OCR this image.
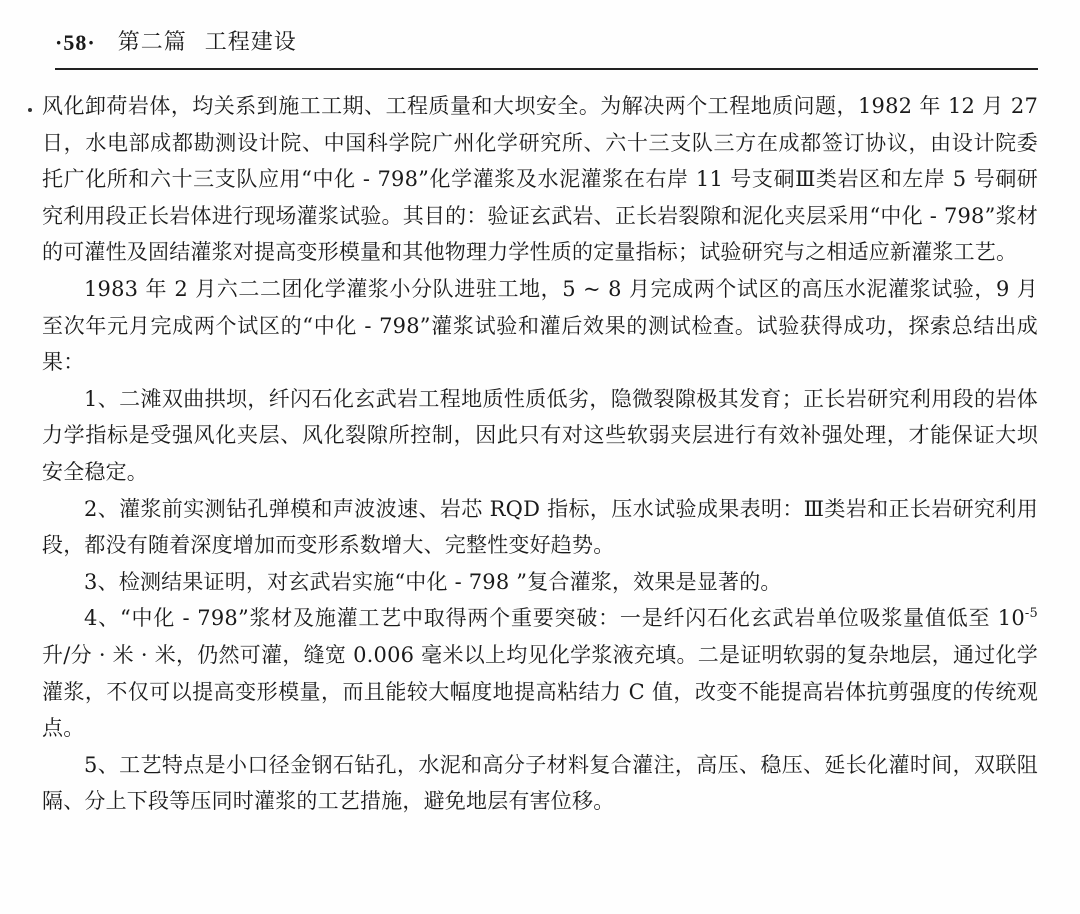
·58· 第二篇 工程建设

风化卸荷岩体，均关系到施工工期、工程质量和大坝安全。为解决两个工程地质问题，1982 年 12 月 27 日，水电部成都勘测设计院、中国科学院广州化学研究所、六十三支队三方在成都签订协议，由设计院委托广化所和六十三支队应用“中化 - 798”化学灌浆及水泥灌浆在右岸 11 号支硐Ⅲ类岩区和左岸 5 号硐研究利用段正长岩体进行现场灌浆试验。其目的：验证玄武岩、正长岩裂隙和泥化夹层采用“中化 - 798”浆材的可灌性及固结灌浆对提高变形模量和其他物理力学性质的定量指标；试验研究与之相适应新灌浆工艺。

1983 年 2 月六二二团化学灌浆小分队进驻工地，5 ~ 8 月完成两个试区的高压水泥灌浆试验，9 月至次年元月完成两个试区的“中化 - 798”灌浆试验和灌后效果的测试检查。试验获得成功，探索总结出成果：

1、二滩双曲拱坝，纤闪石化玄武岩工程地质性质低劣，隐微裂隙极其发育；正长岩研究利用段的岩体力学指标是受强风化夹层、风化裂隙所控制，因此只有对这些软弱夹层进行有效补强处理，才能保证大坝安全稳定。

2、灌浆前实测钻孔弹模和声波波速、岩芯 RQD 指标，压水试验成果表明：Ⅲ类岩和正长岩研究利用段，都没有随着深度增加而变形系数增大、完整性变好趋势。

3、检测结果证明，对玄武岩实施“中化 - 798 ”复合灌浆，效果是显著的。

4、“中化 - 798”浆材及施灌工艺中取得两个重要突破：一是纤闪石化玄武岩单位吸浆量值低至 $10^{-5}$升/分 · 米 · 米，仍然可灌，缝宽 0.006 毫米以上均见化学浆液充填。二是证明软弱的复杂地层，通过化学灌浆，不仅可以提高变形模量，而且能较大幅度地提高粘结力 C 值，改变不能提高岩体抗剪强度的传统观点。

5、工艺特点是小口径金钢石钻孔，水泥和高分子材料复合灌注，高压、稳压、延长化灌时间，双联阻隔、分上下段等压同时灌浆的工艺措施，避免地层有害位移。
